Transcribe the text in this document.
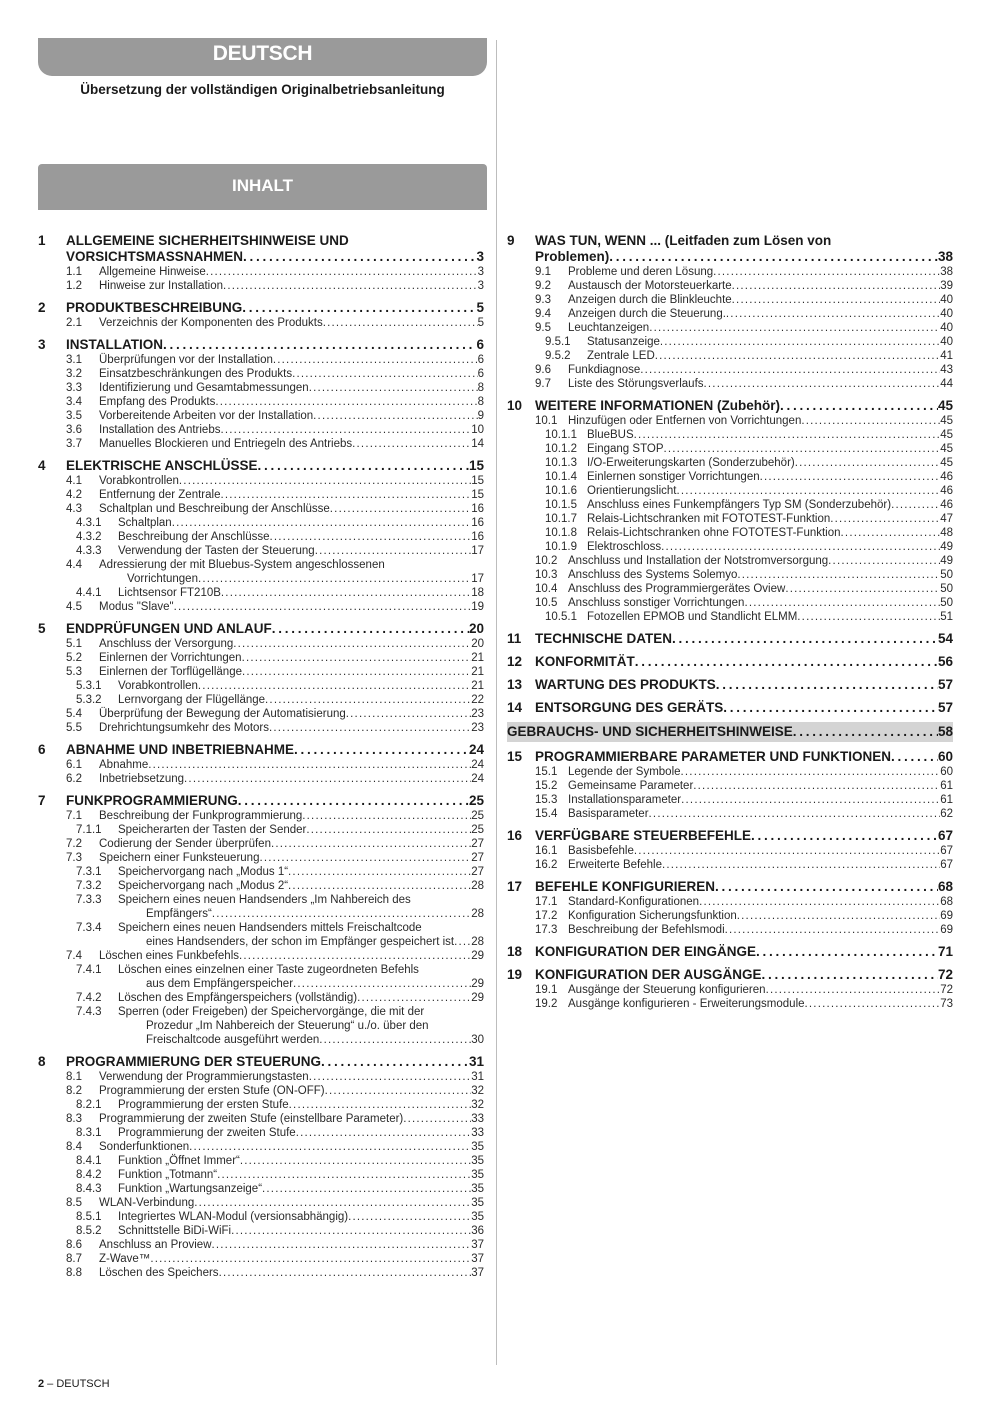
DEUTSCH
Übersetzung der vollständigen Originalbetriebsanleitung
INHALT
1	ALLGEMEINE SICHERHEITSHINWEISE UND
VORSICHTSMASSNAHMEN . . .	3
1.1	Allgemeine Hinweise . . .	3
1.2	Hinweise zur Installation . . .	3
2	PRODUKTBESCHREIBUNG . . .	5
2.1	Verzeichnis der Komponenten des Produkts . . .	5
3	INSTALLATION . . .	6
3.1	Überprüfungen vor der Installation . . .	6
3.2	Einsatzbeschränkungen des Produkts . . .	6
3.3	Identifizierung und Gesamtabmessungen . . .	8
3.4	Empfang des Produkts . . .	8
3.5	Vorbereitende Arbeiten vor der Installation . . .	9
3.6	Installation des Antriebs . . .	10
3.7	Manuelles Blockieren und Entriegeln des Antriebs . . .	14
4	ELEKTRISCHE ANSCHLÜSSE . . .	15
4.1	Vorabkontrollen . . .	15
4.2	Entfernung der Zentrale . . .	15
4.3	Schaltplan und Beschreibung der Anschlüsse . . .	16
4.3.1	Schaltplan . . .	16
4.3.2	Beschreibung der Anschlüsse . . .	16
4.3.3	Verwendung der Tasten der Steuerung . . .	17
4.4	Adressierung der mit Bluebus-System angeschlossenen
Vorrichtungen . . .	17
4.4.1	Lichtsensor FT210B . . .	18
4.5	Modus "Slave" . . .	19
5	ENDPRÜFUNGEN UND ANLAUF . . .	20
5.1	Anschluss der Versorgung . . .	20
5.2	Einlernen der Vorrichtungen . . .	21
5.3	Einlernen der Torflügellänge . . .	21
5.3.1	Vorabkontrollen . . .	21
5.3.2	Lernvorgang der Flügellänge . . .	22
5.4	Überprüfung der Bewegung der Automatisierung . . .	23
5.5	Drehrichtungsumkehr des Motors . . .	23
6	ABNAHME UND INBETRIEBNAHME . . .	24
6.1	Abnahme . . .	24
6.2	Inbetriebsetzung . . .	24
7	FUNKPROGRAMMIERUNG . . .	25
7.1	Beschreibung der Funkprogrammierung . . .	25
7.1.1	Speicherarten der Tasten der Sender . . .	25
7.2	Codierung der Sender überprüfen . . .	27
7.3	Speichern einer Funksteuerung . . .	27
7.3.1	Speichervorgang nach „Modus 1“ . . .	27
7.3.2	Speichervorgang nach „Modus 2“ . . .	28
7.3.3	Speichern eines neuen Handsenders „Im Nahbereich des
Empfängers“ . . .	28
7.3.4	Speichern eines neuen Handsenders mittels Freischaltcode
eines Handsenders, der schon im Empfänger gespeichert ist . . . 28
7.4	Löschen eines Funkbefehls . . .	29
7.4.1	Löschen eines einzelnen einer Taste zugeordneten Befehls
aus dem Empfängerspeicher . . .	29
7.4.2	Löschen des Empfängerspeichers (vollständig) . . .	29
7.4.3	Sperren (oder Freigeben) der Speichervorgänge, die mit der
Prozedur „Im Nahbereich der Steuerung“ u./o. über den
Freischaltcode ausgeführt werden . . .	30
8	PROGRAMMIERUNG DER STEUERUNG . . .	31
8.1	Verwendung der Programmierungstasten . . .	31
8.2	Programmierung der ersten Stufe (ON-OFF) . . .	32
8.2.1	Programmierung der ersten Stufe . . .	32
8.3	Programmierung der zweiten Stufe (einstellbare Parameter) . . .	33
8.3.1	Programmierung der zweiten Stufe . . .	33
8.4	Sonderfunktionen . . .	35
8.4.1	Funktion „Öffnet Immer“ . . .	35
8.4.2	Funktion „Totmann“ . . .	35
8.4.3	Funktion „Wartungsanzeige“ . . .	35
8.5	WLAN-Verbindung . . .	35
8.5.1	Integriertes WLAN-Modul (versionsabhängig) . . .	35
8.5.2	Schnittstelle BiDi-WiFi . . .	36
8.6	Anschluss an Proview . . .	37
8.7	Z-Wave™ . . .	37
8.8	Löschen des Speichers . . .	37
9	WAS TUN, WENN ... (Leitfaden zum Lösen von
Problemen) . . .	38
9.1	Probleme und deren Lösung . . .	38
9.2	Austausch der Motorsteuerkarte . . .	39
9.3	Anzeigen durch die Blinkleuchte . . .	40
9.4	Anzeigen durch die Steuerung. . . .	40
9.5	Leuchtanzeigen . . .	40
9.5.1	Statusanzeige . . .	40
9.5.2	Zentrale LED . . .	41
9.6	Funkdiagnose . . .	43
9.7	Liste des Störungsverlaufs . . .	44
10 WEITERE INFORMATIONEN (Zubehör) . . .	45
10.1 Hinzufügen oder Entfernen von Vorrichtungen . . .	45
10.1.1 BlueBUS . . .	45
10.1.2 Eingang STOP . . .	45
10.1.3 I/O-Erweiterungskarten (Sonderzubehör) . . .	45
10.1.4 Einlernen sonstiger Vorrichtungen . . .	46
10.1.6 Orientierungslicht . . .	46
10.1.5 Anschluss eines Funkempfängers Typ SM (Sonderzubehör) . . .	46
10.1.7 Relais-Lichtschranken mit FOTOTEST-Funktion . . .	47
10.1.8 Relais-Lichtschranken ohne FOTOTEST-Funktion . . .	48
10.1.9 Elektroschloss . . .	49
10.2 Anschluss und Installation der Notstromversorgung . . .	49
10.3 Anschluss des Systems Solemyo . . .	50
10.4 Anschluss des Programmiergerätes Oview . . .	50
10.5 Anschluss sonstiger Vorrichtungen . . .	50
10.5.1 Fotozellen EPMOB und Standlicht ELMM . . .	51
11	TECHNISCHE DATEN . . .	54
12 KONFORMITÄT . . .	56
13 WARTUNG DES PRODUKTS . . .	57
14 ENTSORGUNG DES GERÄTS . . .	57
GEBRAUCHS- UND SICHERHEITSHINWEISE . . .	58
15 PROGRAMMIERBARE PARAMETER UND FUNKTIONEN . . .	60
15.1 Legende der Symbole . . .	60
15.2 Gemeinsame Parameter . . .	61
15.3 Installationsparameter . . .	61
15.4 Basisparameter . . .	62
16 VERFÜGBARE STEUERBEFEHLE . . .	67
16.1 Basisbefehle . . .	67
16.2 Erweiterte Befehle . . .	67
17 BEFEHLE KONFIGURIEREN . . .	68
17.1 Standard-Konfigurationen . . .	68
17.2 Konfiguration Sicherungsfunktion . . .	69
17.3 Beschreibung der Befehlsmodi . . .	69
18 KONFIGURATION DER EINGÄNGE . . .	71
19 KONFIGURATION DER AUSGÄNGE . . .	72
19.1 Ausgänge der Steuerung konfigurieren . . .	72
19.2 Ausgänge konfigurieren - Erweiterungsmodule . . .	73
2 – DEUTSCH
